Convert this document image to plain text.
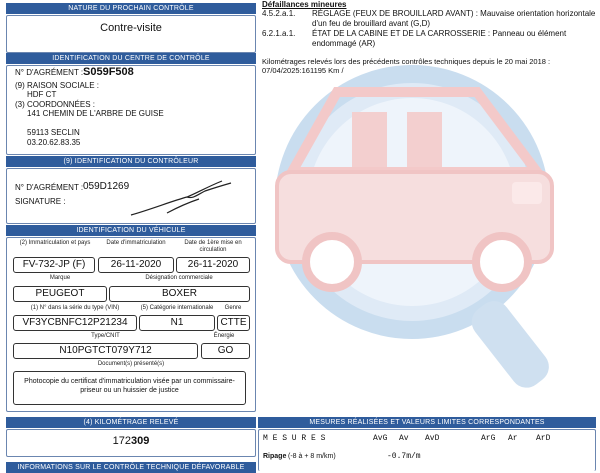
NATURE DU PROCHAIN CONTRÔLE
Contre-visite
IDENTIFICATION DU CENTRE DE CONTRÔLE
N° D'AGRÉMENT : S059F508
(9) RAISON SOCIALE :
HDF CT
(3) COORDONNÉES :
141 CHEMIN DE L'ARBRE DE GUISE
59113 SECLIN
03.20.62.83.35
(9) IDENTIFICATION DU CONTRÔLEUR
N° D'AGRÉMENT : 059D1269
SIGNATURE :
IDENTIFICATION DU VÉHICULE
(2) Immatriculation et pays	Date d'immatriculation	Date de 1ère mise en circulation
FV-732-JP (F)	26-11-2020	26-11-2020
Marque	Désignation commerciale
PEUGEOT	BOXER
(1) N° dans la série du type (VIN)	(5) Catégorie internationale	Genre
VF3YCBNFC12P21234	N1	CTTE
Type/CNIT	Énergie
N10PGTCT079Y712	GO
Document(s) présenté(s)
Photocopie du certificat d'immatriculation visée par un commissaire-priseur ou un huissier de justice
(4) KILOMÉTRAGE RELEVÉ
172309
INFORMATIONS SUR LE CONTRÔLE TECHNIQUE DÉFAVORABLE
Défaillances mineures
4.5.2.a.1. RÉGLAGE (FEUX DE BROUILLARD AVANT) : Mauvaise orientation horizontale
d'un feu de brouillard avant (G,D)
6.2.1.a.1. ÉTAT DE LA CABINE ET DE LA CARROSSERIE : Panneau ou élément
endommagé (AR)
Kilométrages relevés lors des précédents contrôles techniques depuis le 20 mai 2018 :
07/04/2025:161195 Km /
MESURES RÉALISÉES ET VALEURS LIMITES CORRESPONDANTES
M E S U R E S	AvG Av AvD	ArG Ar ArD
Ripage (-8 à + 8 m/km)	-0.7m/m
